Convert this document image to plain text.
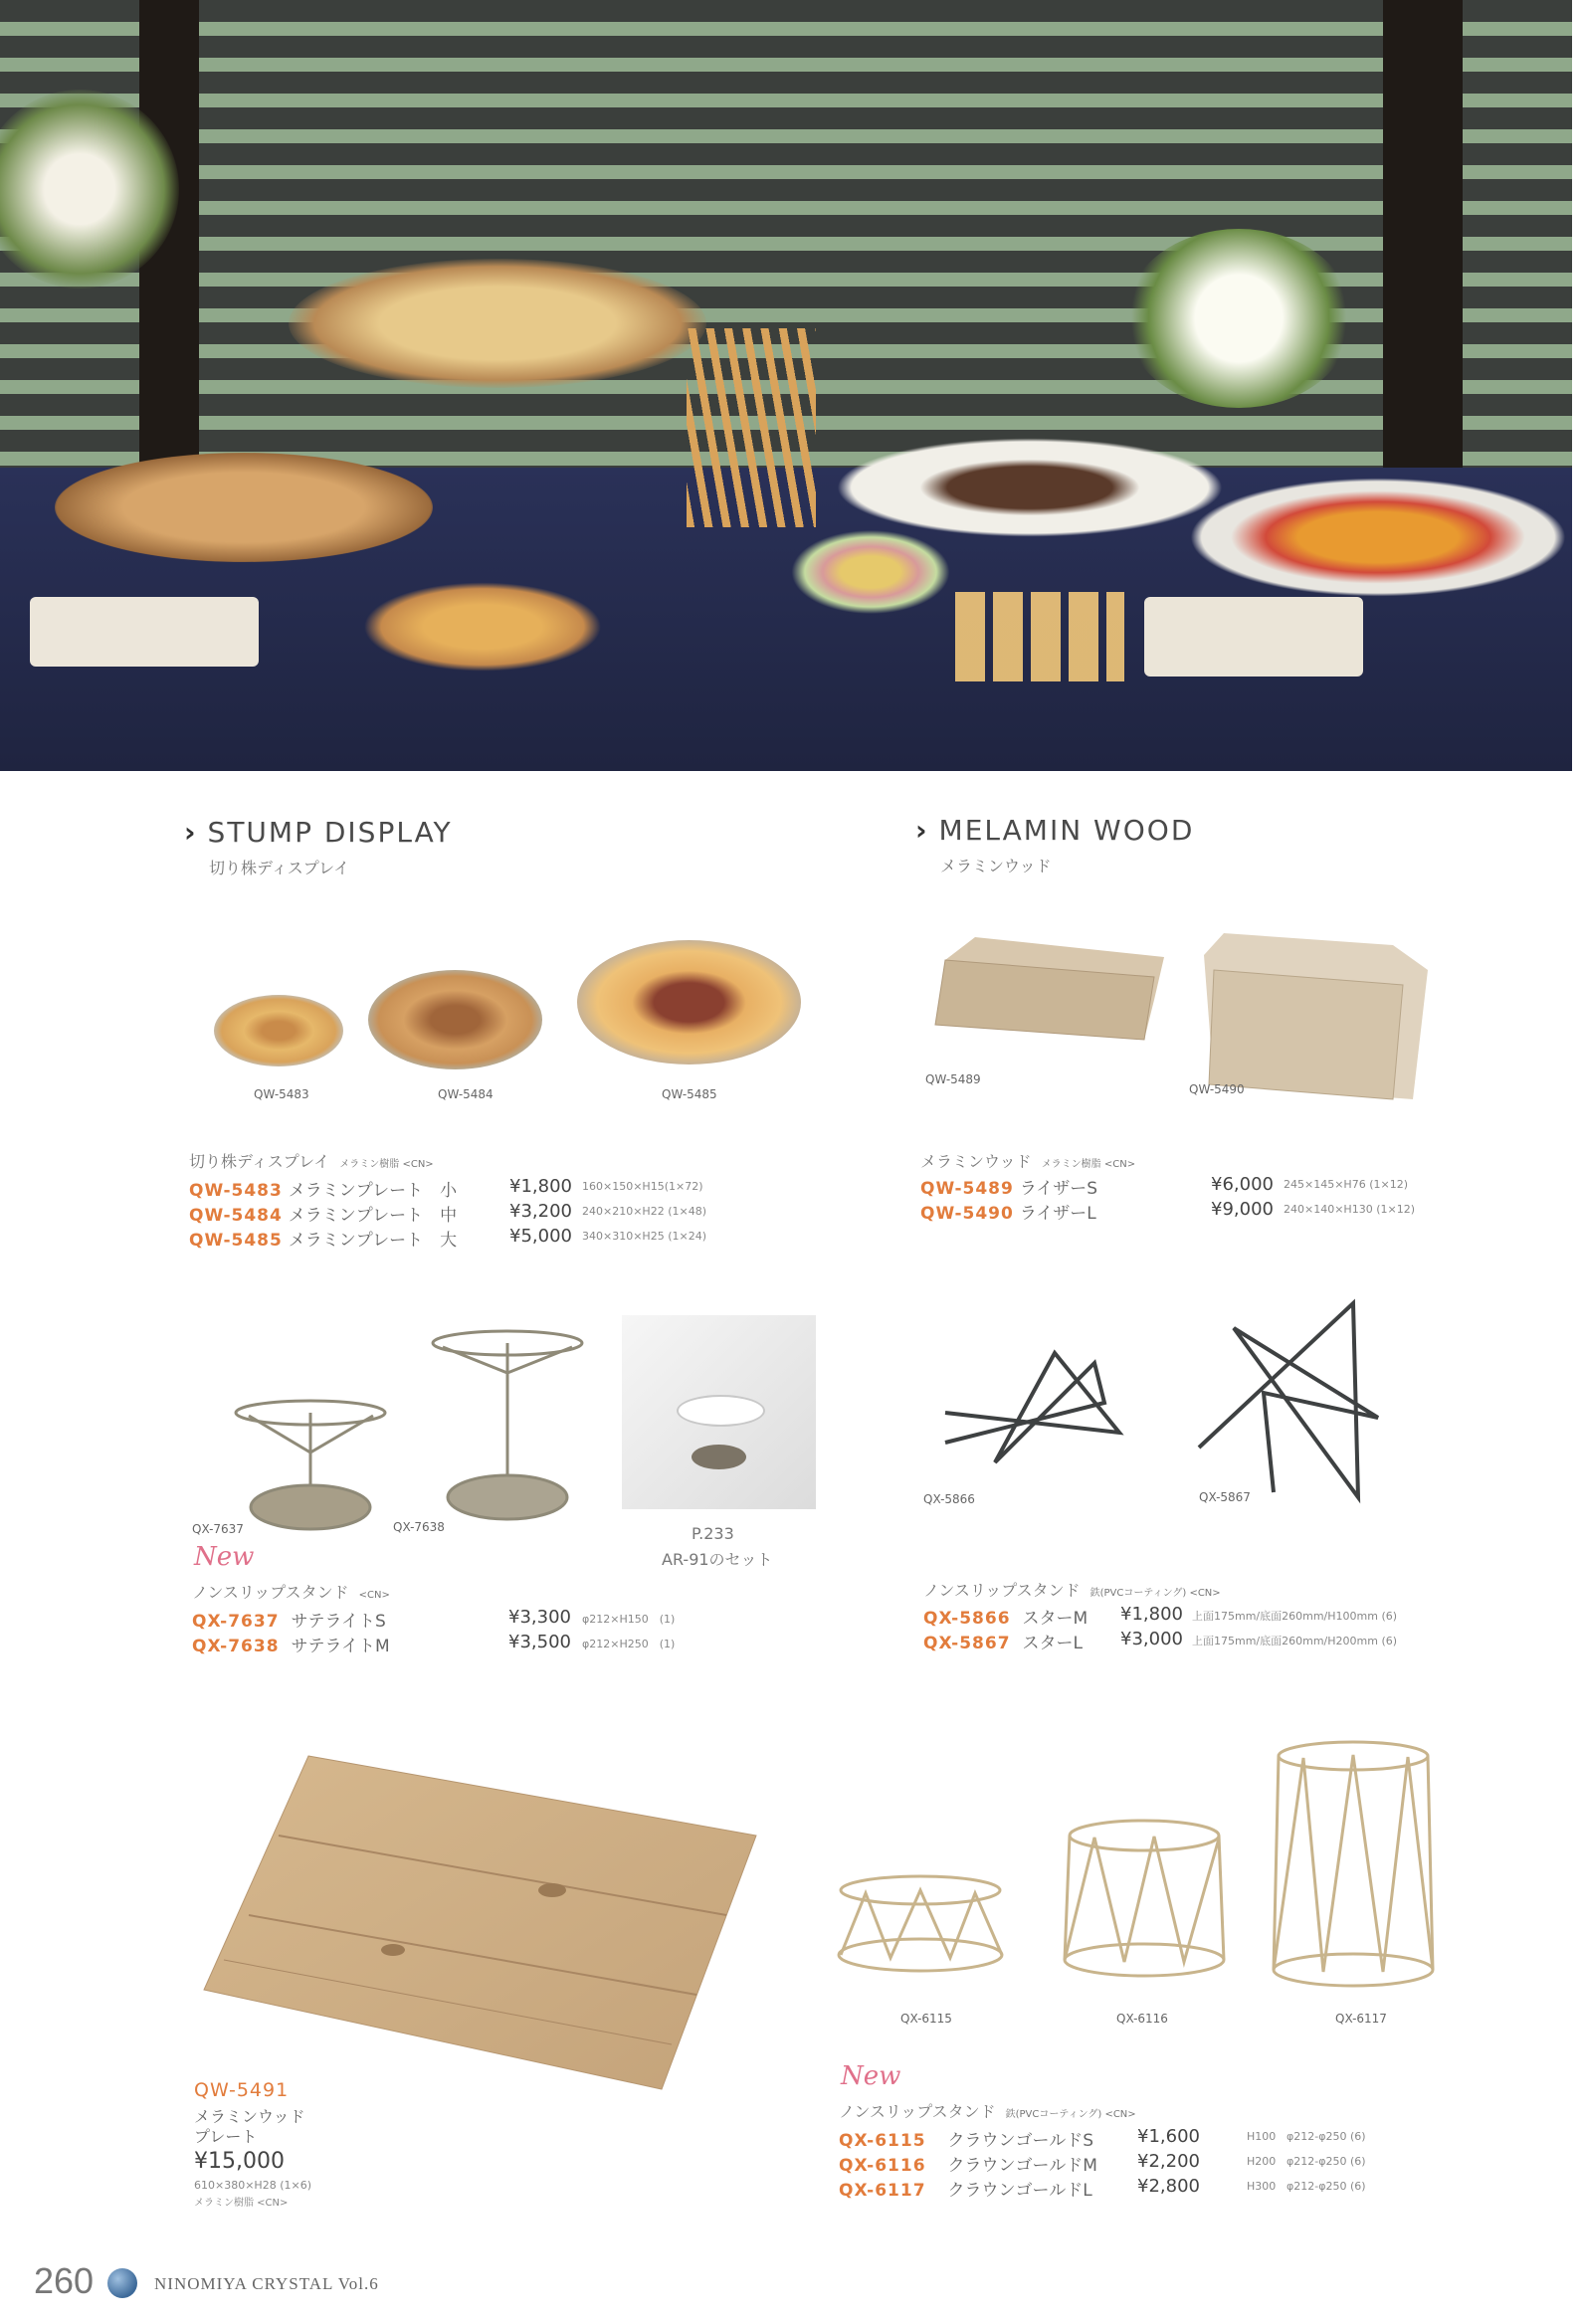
› STUMP DISPLAY
切り株ディスプレイ
QW-5483	QW-5484	QW-5485
切り株ディスプレイ メラミン樹脂 <CN>
QW-5483 メラミンプレート　小	¥1,800 160×150×H15(1×72)
QW-5484 メラミンプレート　中	¥3,200 240×210×H22 (1×48)
QW-5485 メラミンプレート　大	¥5,000 340×310×H25 (1×24)
› MELAMIN WOOD
メラミンウッド
QW-5489
QW-5490
メラミンウッド メラミン樹脂 <CN>
QW-5489 ライザーS	¥6,000 245×145×H76 (1×12)
QW-5490 ライザーL	¥9,000 240×140×H130 (1×12)
QX-7637	QX-7638	P.233
AR-91のセット
New
ノンスリップスタンド <CN>
QX-7637 サテライトS	¥3,300 φ212×H150　(1)
QX-7638 サテライトM	¥3,500 φ212×H250　(1)
QX-5866	QX-5867
ノンスリップスタンド 鉄(PVCコーティング) <CN>
QX-5866 スターM ¥1,800 上面175mm/底面260mm/H100mm (6)
QX-5867 スターL ¥3,000 上面175mm/底面260mm/H200mm (6)
QW-5491
メラミンウッド
プレート
¥15,000
610×380×H28 (1×6)
メラミン樹脂 <CN>
QX-6115	QX-6116	QX-6117
New
ノンスリップスタンド 鉄(PVCコーティング) <CN>
QX-6115 クラウンゴールドS ¥1,600	H100 φ212-φ250 (6)
QX-6116 クラウンゴールドM ¥2,200	H200 φ212-φ250 (6)
QX-6117 クラウンゴールドL	¥2,800	H300 φ212-φ250 (6)
260	NINOMIYA CRYSTAL Vol.6
